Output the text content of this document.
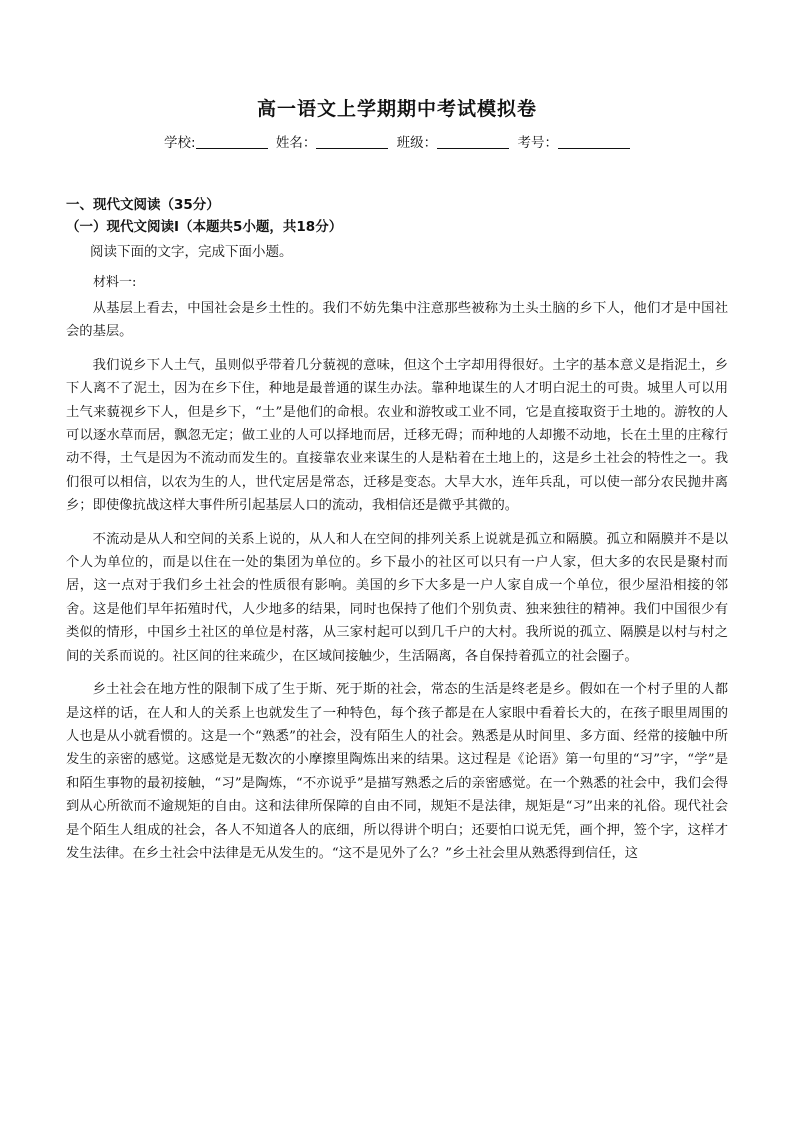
高一语文上学期期中考试模拟卷
学校:	姓名：	班级：	考号：
一、现代文阅读（35分）
（一）现代文阅读Ⅰ（本题共5小题，共18分）
阅读下面的文字，完成下面小题。
材料一:

从基层上看去，中国社会是乡土性的。我们不妨先集中注意那些被称为土头土脑的乡下人，他们才是中国社会的基层。

我们说乡下人土气，虽则似乎带着几分藐视的意味，但这个土字却用得很好。土字的基本意义是指泥土，乡下人离不了泥土，因为在乡下住，种地是最普通的谋生办法。靠种地谋生的人才明白泥土的可贵。城里人可以用土气来藐视乡下人，但是乡下，“土”是他们的命根。农业和游牧或工业不同，它是直接取资于土地的。游牧的人可以逐水草而居，飘忽无定；做工业的人可以择地而居，迁移无碍；而种地的人却搬不动地，长在土里的庄稼行动不得，土气是因为不流动而发生的。直接靠农业来谋生的人是粘着在土地上的，这是乡土社会的特性之一。我们很可以相信，以农为生的人，世代定居是常态，迁移是变态。大旱大水，连年兵乱，可以使一部分农民抛井离乡；即使像抗战这样大事件所引起基层人口的流动，我相信还是微乎其微的。

不流动是从人和空间的关系上说的，从人和人在空间的排列关系上说就是孤立和隔膜。孤立和隔膜并不是以个人为单位的，而是以住在一处的集团为单位的。乡下最小的社区可以只有一户人家，但大多的农民是聚村而居，这一点对于我们乡土社会的性质很有影响。美国的乡下大多是一户人家自成一个单位，很少屋沿相接的邻舍。这是他们早年拓殖时代，人少地多的结果，同时也保持了他们个别负责、独来独往的精神。我们中国很少有类似的情形，中国乡土社区的单位是村落，从三家村起可以到几千户的大村。我所说的孤立、隔膜是以村与村之间的关系而说的。社区间的往来疏少，在区域间接触少，生活隔离，各自保持着孤立的社会圈子。

乡土社会在地方性的限制下成了生于斯、死于斯的社会，常态的生活是终老是乡。假如在一个村子里的人都是这样的话，在人和人的关系上也就发生了一种特色，每个孩子都是在人家眼中看着长大的，在孩子眼里周围的人也是从小就看惯的。这是一个“熟悉”的社会，没有陌生人的社会。熟悉是从时间里、多方面、经常的接触中所发生的亲密的感觉。这感觉是无数次的小摩擦里陶炼出来的结果。这过程是《论语》第一句里的“习”字，“学”是和陌生事物的最初接触，“习”是陶炼，“不亦说乎”是描写熟悉之后的亲密感觉。在一个熟悉的社会中，我们会得到从心所欲而不逾规矩的自由。这和法律所保障的自由不同，规矩不是法律，规矩是“习”出来的礼俗。现代社会是个陌生人组成的社会，各人不知道各人的底细，所以得讲个明白；还要怕口说无凭，画个押，签个字，这样才发生法律。在乡土社会中法律是无从发生的。“这不是见外了么？”乡土社会里从熟悉得到信任，这
